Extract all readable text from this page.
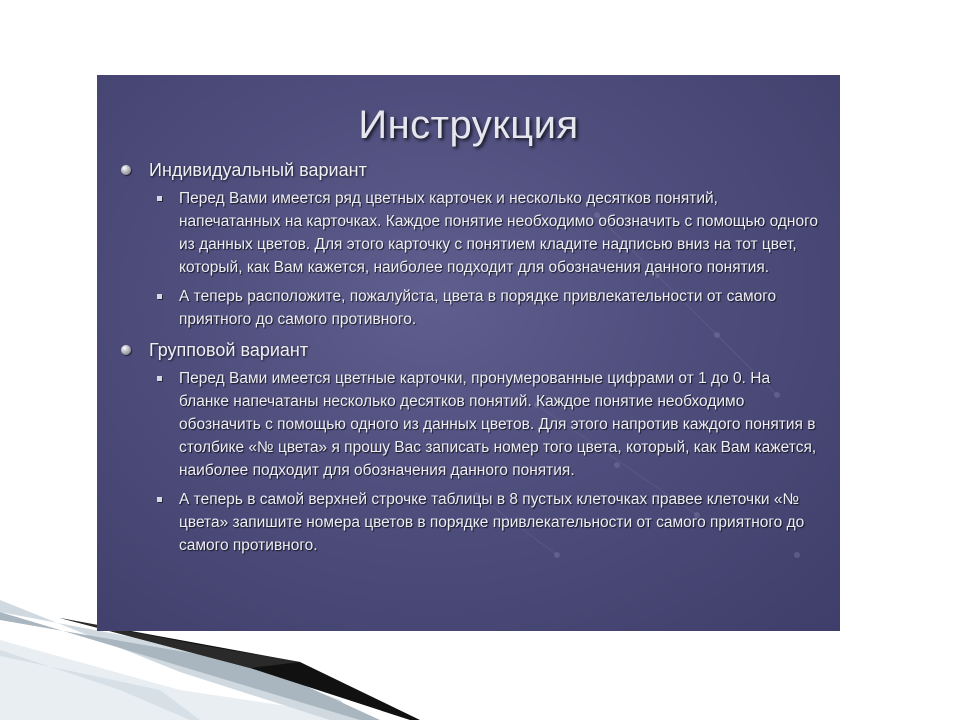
Инструкция
Индивидуальный вариант
Перед Вами имеется ряд цветных карточек и несколько десятков понятий, напечатанных на карточках. Каждое понятие необходимо обозначить с помощью одного из данных цветов. Для этого карточку с понятием кладите надписью вниз на тот цвет, который, как Вам кажется, наиболее подходит для обозначения данного понятия.
А теперь расположите, пожалуйста, цвета в порядке привлекательности от самого приятного до самого противного.
Групповой вариант
Перед Вами имеется цветные карточки, пронумерованные цифрами от 1 до 0. На бланке напечатаны несколько десятков понятий. Каждое понятие необходимо обозначить с помощью одного из данных цветов. Для этого напротив каждого понятия в столбике «№ цвета» я прошу Вас записать номер того цвета, который, как Вам кажется, наиболее подходит для обозначения данного понятия.
А теперь в самой верхней строчке таблицы в 8 пустых клеточках правее клеточки «№ цвета» запишите номера цветов в порядке привлекательности от самого приятного до самого противного.
